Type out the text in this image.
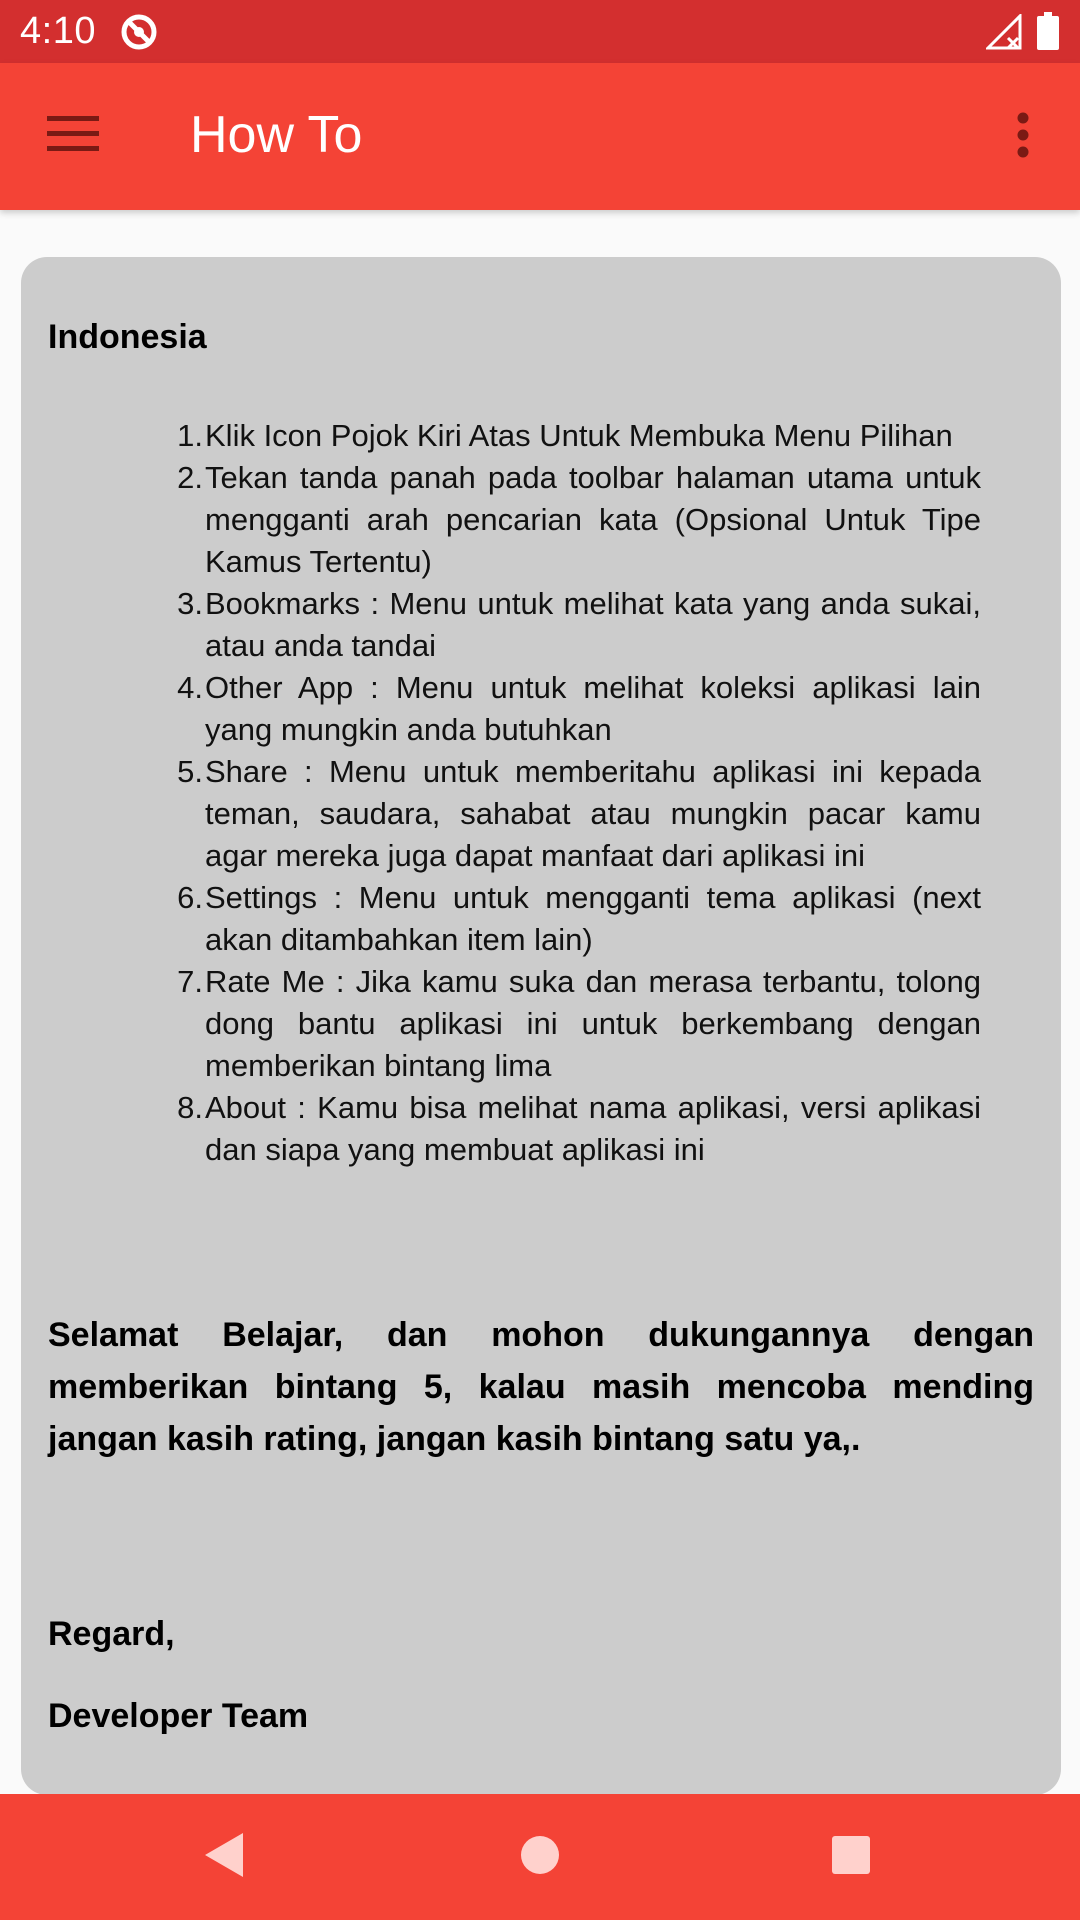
4:10
How To
Indonesia
1. Klik Icon Pojok Kiri Atas Untuk Membuka Menu Pilihan
2. Tekan tanda panah pada toolbar halaman utama untuk mengganti arah pencarian kata (Opsional Untuk Tipe Kamus Tertentu)
3. Bookmarks : Menu untuk melihat kata yang anda sukai, atau anda tandai
4. Other App : Menu untuk melihat koleksi aplikasi lain yang mungkin anda butuhkan
5. Share : Menu untuk memberitahu aplikasi ini kepada teman, saudara, sahabat atau mungkin pacar kamu agar mereka juga dapat manfaat dari aplikasi ini
6. Settings : Menu untuk mengganti tema aplikasi (next akan ditambahkan item lain)
7. Rate Me : Jika kamu suka dan merasa terbantu, tolong dong bantu aplikasi ini untuk berkembang dengan memberikan bintang lima
8. About : Kamu bisa melihat nama aplikasi, versi aplikasi dan siapa yang membuat aplikasi ini

Selamat Belajar, dan mohon dukungannya dengan memberikan bintang 5, kalau masih mencoba mending jangan kasih rating, jangan kasih bintang satu ya,.

Regard,
Developer Team
